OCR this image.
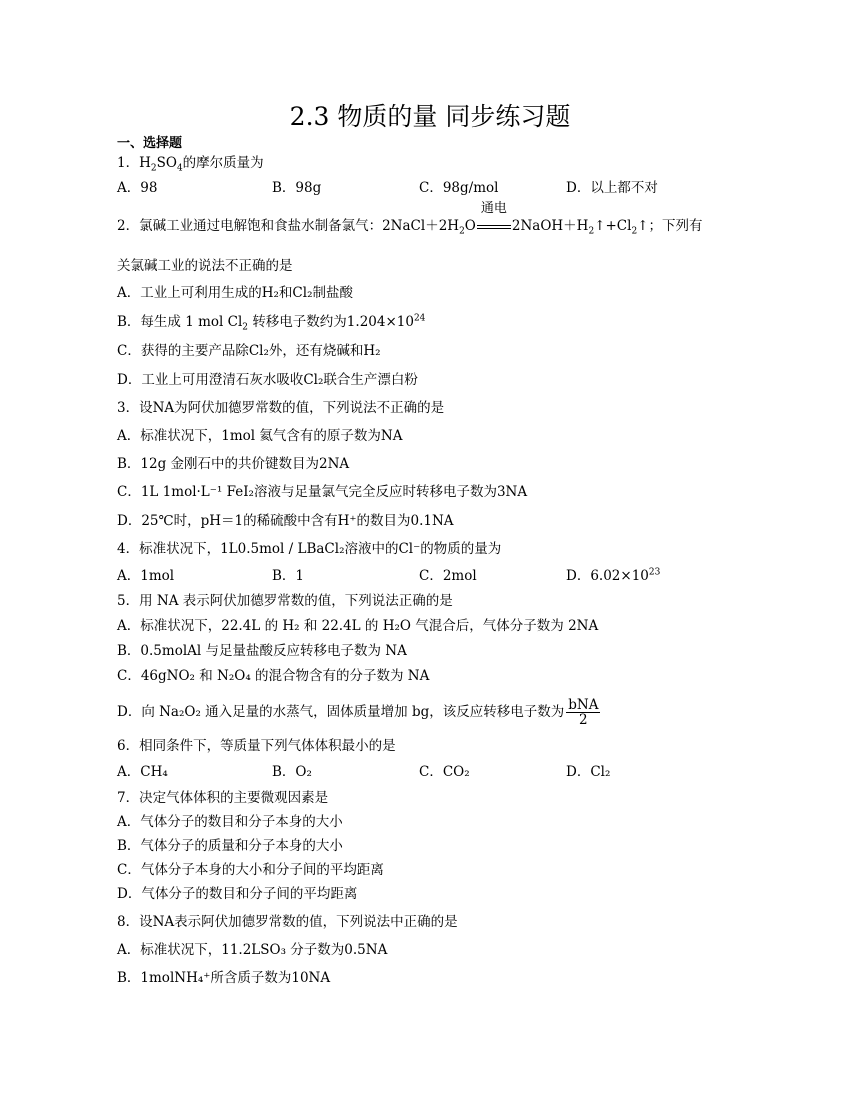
2.3 物质的量 同步练习题
一、选择题
1．$H_2SO_4$的摩尔质量为
A．98	B．98g	C．98g/mol	D．以上都不对
2．氯碱工业通过电解饱和食盐水制备氯气：$2NaCl+2H_2O$
通电
$2NaOH+H_2↑+Cl_2↑$；下列有
关氯碱工业的说法不正确的是
A．工业上可利用生成的H₂和Cl₂制盐酸
B．每生成 1 mol $Cl_2$ 转移电子数约为$1.204\times 10^{24}$
C．获得的主要产品除Cl₂外，还有烧碱和H₂
D．工业上可用澄清石灰水吸收Cl₂联合生产漂白粉
3．设NA为阿伏加德罗常数的值，下列说法不正确的是
A．标准状况下，1mol 氦气含有的原子数为NA
B．12g 金刚石中的共价键数目为2NA
C．1L 1mol·L⁻¹ FeI₂溶液与足量氯气完全反应时转移电子数为3NA
D．25℃时，pH＝1的稀硫酸中含有H⁺的数目为0.1NA
4．标准状况下，1L0.5mol / LBaCl₂溶液中的Cl⁻的物质的量为
A．1mol	B．1	C．2mol	D．$6.02\times 10^{23}$
5．用 NA 表示阿伏加德罗常数的值，下列说法正确的是
A．标准状况下，22.4L 的 H₂ 和 22.4L 的 H₂O 气混合后，气体分子数为 2NA
B．0.5molAl 与足量盐酸反应转移电子数为 NA
C．46gNO₂ 和 N₂O₄ 的混合物含有的分子数为 NA
D．向 Na₂O₂ 通入足量的水蒸气，固体质量增加 bg，该反应转移电子数为 $\frac{\text{bNA}}{2}$
6．相同条件下，等质量下列气体体积最小的是
A．CH₄	B．O₂	C．CO₂	D．Cl₂
7．决定气体体积的主要微观因素是
A．气体分子的数目和分子本身的大小
B．气体分子的质量和分子本身的大小
C．气体分子本身的大小和分子间的平均距离
D．气体分子的数目和分子间的平均距离
8．设NA表示阿伏加德罗常数的值，下列说法中正确的是
A．标准状况下，11.2LSO₃ 分子数为0.5NA
B．1molNH₄⁺所含质子数为10NA
